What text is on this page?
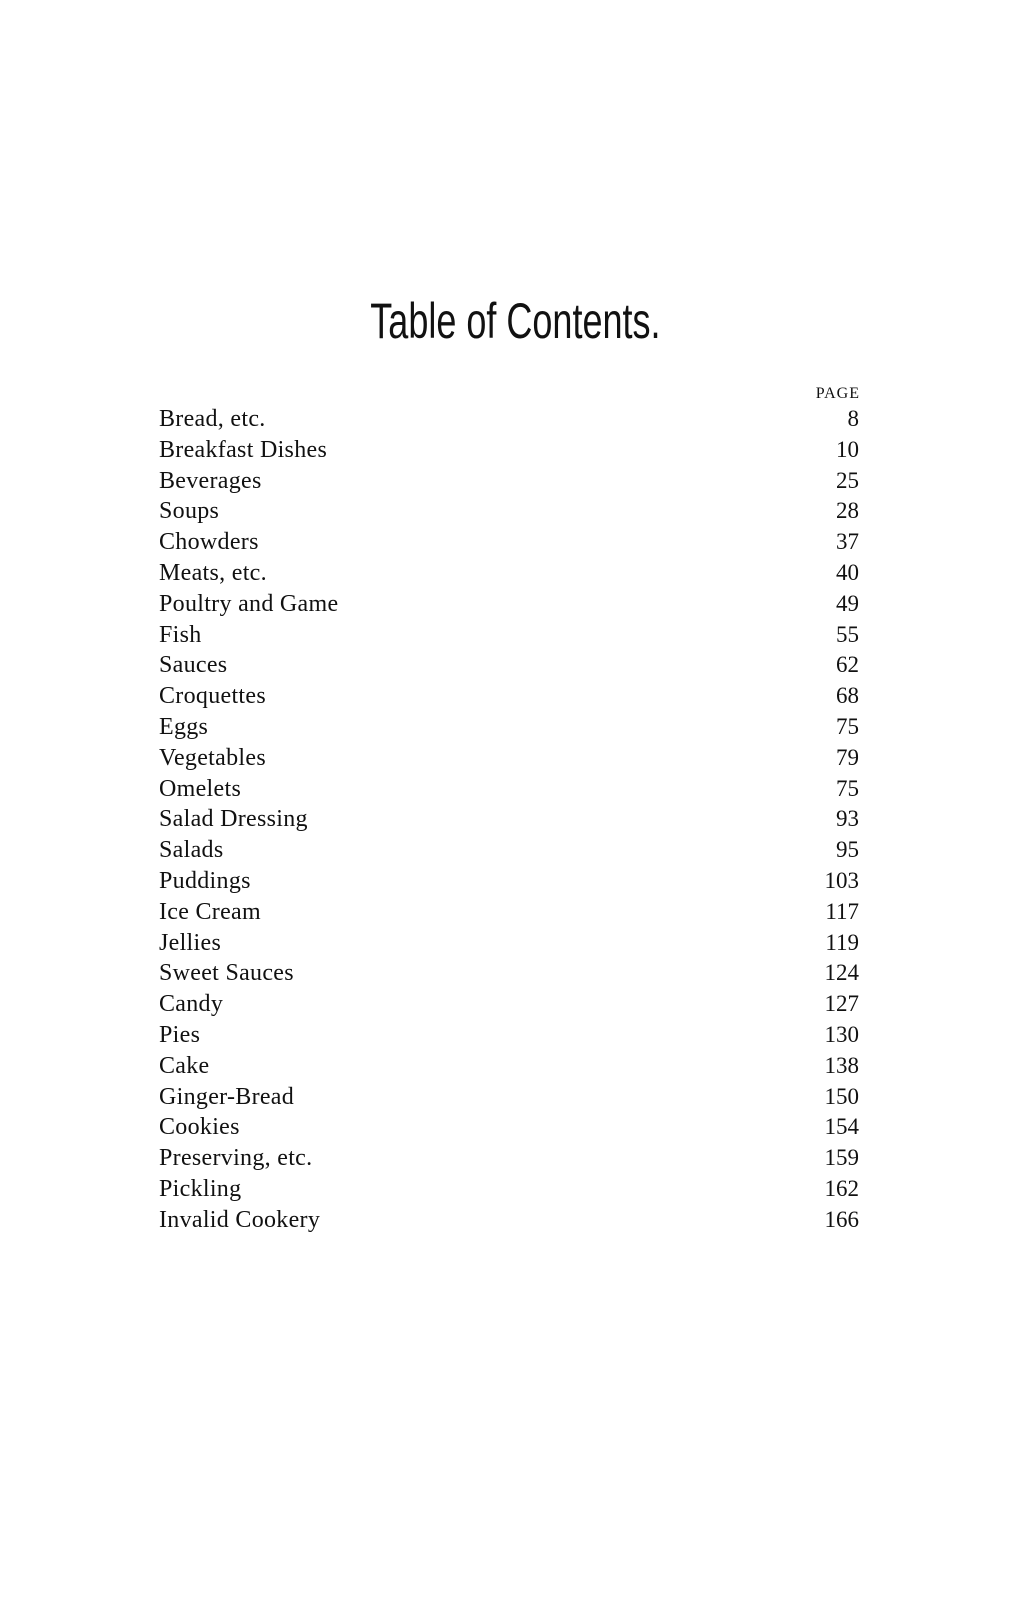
Table of Contents.
PAGE
Bread, etc.	8
Breakfast Dishes	10
Beverages	25
Soups	28
Chowders	37
Meats, etc.	40
Poultry and Game	49
Fish	55
Sauces	62
Croquettes	68
Eggs	75
Vegetables	79
Omelets	75
Salad Dressing	93
Salads	95
Puddings	103
Ice Cream	117
Jellies	119
Sweet Sauces	124
Candy	127
Pies	130
Cake	138
Ginger-Bread	150
Cookies	154
Preserving, etc.	159
Pickling	162
Invalid Cookery	166
